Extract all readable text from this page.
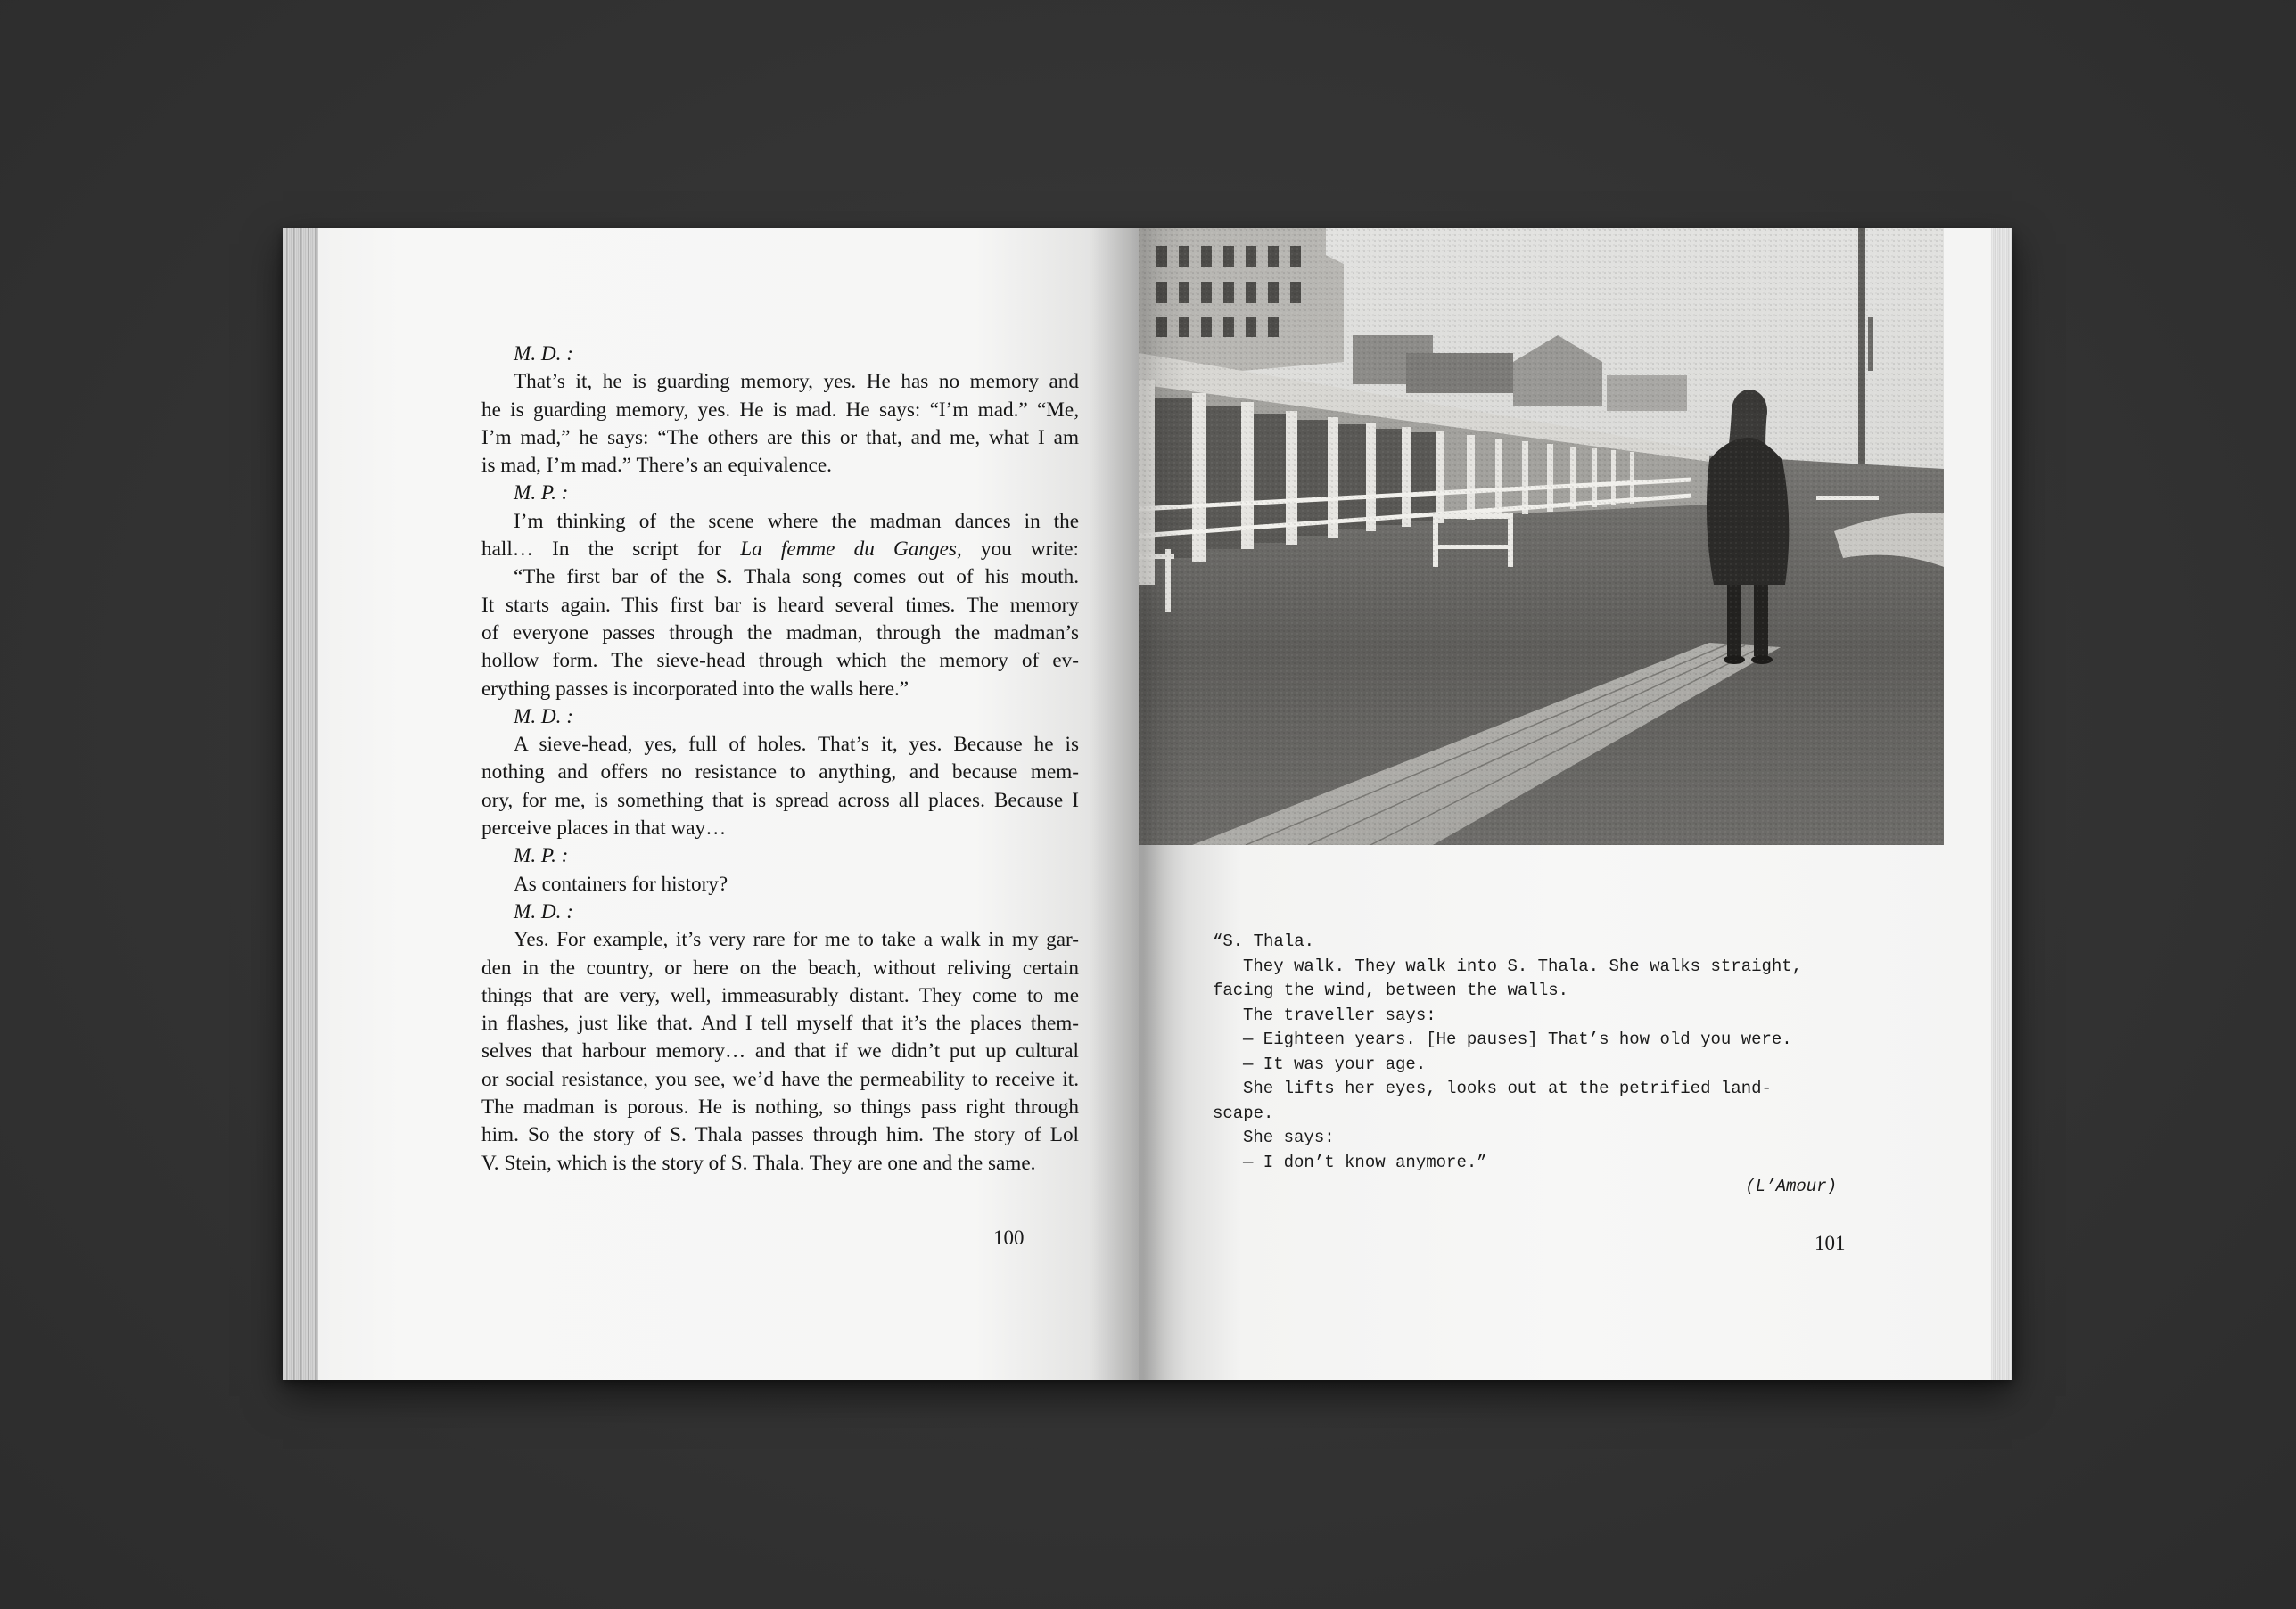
M. D. :
That’s it, he is guarding memory, yes. He has no memory and
he is guarding memory, yes. He is mad. He says: “I’m mad.” “Me,
I’m mad,” he says: “The others are this or that, and me, what I am
is mad, I’m mad.” There’s an equivalence.
M. P. :
I’m thinking of the scene where the madman dances in the
hall… In the script for La femme du Ganges, you write:
“The first bar of the S. Thala song comes out of his mouth.
It starts again. This first bar is heard several times. The memory
of everyone passes through the madman, through the madman’s
hollow form. The sieve-head through which the memory of ev-
erything passes is incorporated into the walls here.”
M. D. :
A sieve-head, yes, full of holes. That’s it, yes. Because he is
nothing and offers no resistance to anything, and because mem-
ory, for me, is something that is spread across all places. Because I
perceive places in that way…
M. P. :
As containers for history?
M. D. :
Yes. For example, it’s very rare for me to take a walk in my gar-
den in the country, or here on the beach, without reliving certain
things that are very, well, immeasurably distant. They come to me
in flashes, just like that. And I tell myself that it’s the places them-
selves that harbour memory… and that if we didn’t put up cultural
or social resistance, you see, we’d have the permeability to receive it.
The madman is porous. He is nothing, so things pass right through
him. So the story of S. Thala passes through him. The story of Lol
V. Stein, which is the story of S. Thala. They are one and the same.
100
“S. Thala.
They walk. They walk into S. Thala. She walks straight,
facing the wind, between the walls.
The traveller says:
— Eighteen years. [He pauses] That’s how old you were.
— It was your age.
She lifts her eyes, looks out at the petrified land-
scape.
She says:
— I don’t know anymore.”
(L’Amour)
101
